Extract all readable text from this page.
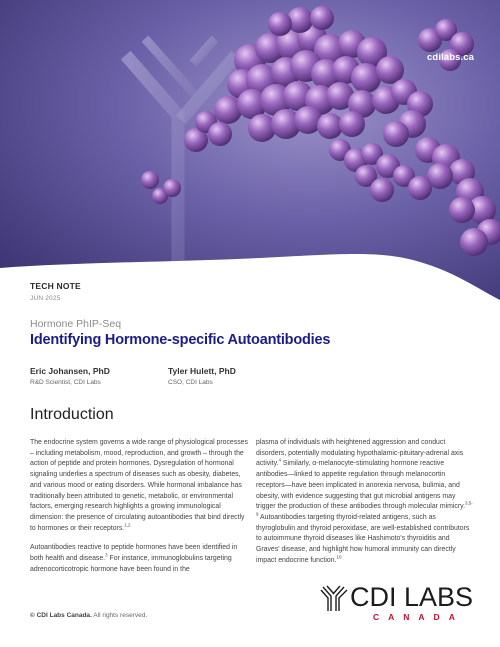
cdilabs.ca
TECH NOTE
JUN 2025
Hormone PhIP-Seq
Identifying Hormone-specific Autoantibodies
Eric Johansen, PhD
R&D Scientist, CDI Labs
Tyler Hulett, PhD
CSO, CDI Labs
Introduction

The endocrine system governs a wide range of physiological processes – including metabolism, mood, reproduction, and growth – through the action of peptide and protein hormones. Dysregulation of hormonal signaling underlies a spectrum of diseases such as obesity, diabetes, and various mood or eating disorders. While hormonal imbalance has traditionally been attributed to genetic, metabolic, or environmental factors, emerging research highlights a growing immunological dimension: the presence of circulating autoantibodies that bind directly to hormones or their receptors.$^{1,2}$

Autoantibodies reactive to peptide hormones have been identified in both health and disease.$^3$ For instance, immunoglobulins targeting adrenocorticotropic hormone have been found in the

plasma of individuals with heightened aggression and conduct disorders, potentially modulating hypothalamic-pituitary-adrenal axis activity.$^4$ Similarly, α-melanocyte-stimulating hormone reactive antibodies—linked to appetite regulation through melanocortin receptors—have been implicated in anorexia nervosa, bulimia, and obesity, with evidence suggesting that gut microbial antigens may trigger the production of these antibodies through molecular mimicry.$^{3,5-9}$ Autoantibodies targeting thyroid-related antigens, such as thyroglobulin and thyroid peroxidase, are well-established contributors to autoimmune thyroid diseases like Hashimoto's thyroiditis and Graves' disease, and highlight how humoral immunity can directly impact endocrine function.$^{10}$

© CDI Labs Canada. All rights reserved.
CDI LABS
CANADA
